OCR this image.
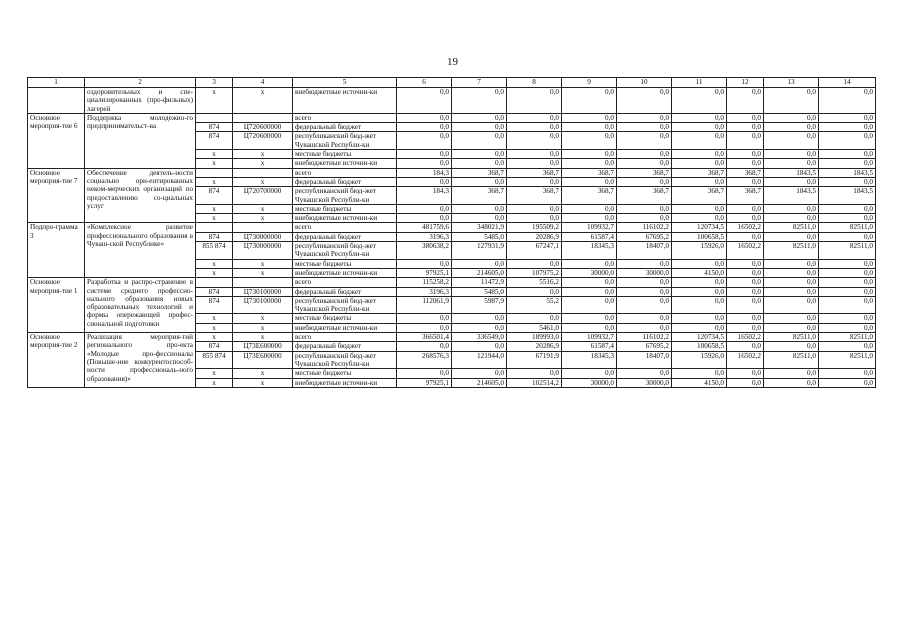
19
1	2	3	4	5	6	7	8	9	10	11	12	13	14
	оздоровительных и спе-циализированных (про-фильных) лагерей	x	x	внебюджетные источни-ки	0,0	0,0	0,0	0,0	0,0	0,0	0,0	0,0	0,0
Основное мероприя-тие 6	Поддержка молодежно-го предпринимательст-ва			всего	0,0	0,0	0,0	0,0	0,0	0,0	0,0	0,0	0,0
		874	Ц720600000	федеральный бюджет	0,0	0,0	0,0	0,0	0,0	0,0	0,0	0,0	0,0
		874	Ц720600000	республиканский бюд-жет Чувашской Республи-ки	0,0	0,0	0,0	0,0	0,0	0,0	0,0	0,0	0,0
		x	x	местные бюджеты	0,0	0,0	0,0	0,0	0,0	0,0	0,0	0,0	0,0
		x	x	внебюджетные источни-ки	0,0	0,0	0,0	0,0	0,0	0,0	0,0	0,0	0,0
Основное мероприя-тие 7	Обеспечение деятель-ности социально ори-ентированных неком-мерческих организаций по предоставлению со-циальных услуг			всего	184,3	368,7	368,7	368,7	368,7	368,7	368,7	1843,5	1843,5
		x	x	федеральный бюджет	0,0	0,0	0,0	0,0	0,0	0,0	0,0	0,0	0,0
		874	Ц720700000	республиканский бюд-жет Чувашской Республи-ки	184,3	368,7	368,7	368,7	368,7	368,7	368,7	1843,5	1843,5
		x	x	местные бюджеты	0,0	0,0	0,0	0,0	0,0	0,0	0,0	0,0	0,0
		x	x	внебюджетные источни-ки	0,0	0,0	0,0	0,0	0,0	0,0	0,0	0,0	0,0
Подпро-грамма 3	«Комплексное развитие профессионального образования в Чуваш-ской Республике»			всего	481759,6	348021,9	195509,2	109932,7	116102,2	120734,5	16502,2	82511,0	82511,0
		874	Ц730000000	федеральный бюджет	3196,3	5485,0	20286,9	61587,4	67695,2	100658,5	0,0	0,0	0,0
		855 874	Ц730000000	республиканский бюд-жет Чувашской Республи-ки	380638,2	127931,9	67247,1	18345,3	18407,0	15926,0	16502,2	82511,0	82511,0
		x	x	местные бюджеты	0,0	0,0	0,0	0,0	0,0	0,0	0,0	0,0	0,0
		x	x	внебюджетные источни-ки	97925,1	214605,0	107975,2	30000,0	30000,0	4150,0	0,0	0,0	0,0
Основное мероприя-тие 1	Разработка и распро-странение в системе среднего профессио-нального образования новых образовательных технологий и формы опережающей профес-сиональной подготовки			всего	115258,2	11472,9	5516,2	0,0	0,0	0,0	0,0	0,0	0,0
		874	Ц730100000	федеральный бюджет	3196,3	5485,0	0,0	0,0	0,0	0,0	0,0	0,0	0,0
		874	Ц730100000	республиканский бюд-жет Чувашской Республи-ки	112061,9	5987,9	55,2	0,0	0,0	0,0	0,0	0,0	0,0
		x	x	местные бюджеты	0,0	0,0	0,0	0,0	0,0	0,0	0,0	0,0	0,0
		x	x	внебюджетные источни-ки	0,0	0,0	5461,0	0,0	0,0	0,0	0,0	0,0	0,0
Основное мероприя-тие 2	Реализация мероприя-тий регионального про-екта «Молодые про-фессионалы (Повыше-ние конкурентоспособ-ности профессиональ-ного образования)»	x	x	всего	366501,4	336549,0	189993,0	109932,7	116102,2	120734,5	16502,2	82511,0	82511,0
		874	Ц73Е600000	федеральный бюджет	0,0	0,0	20286,9	61587,4	67695,2	100658,5	0,0	0,0	0,0
		855 874	Ц73Е600000	республиканский бюд-жет Чувашской Республи-ки	268576,3	121944,0	67191,9	18345,3	18407,0	15926,0	16502,2	82511,0	82511,0
		x	x	местные бюджеты	0,0	0,0	0,0	0,0	0,0	0,0	0,0	0,0	0,0
		x	x	внебюджетные источни-ки	97925,1	214605,0	102514,2	30000,0	30000,0	4150,0	0,0	0,0	0,0
